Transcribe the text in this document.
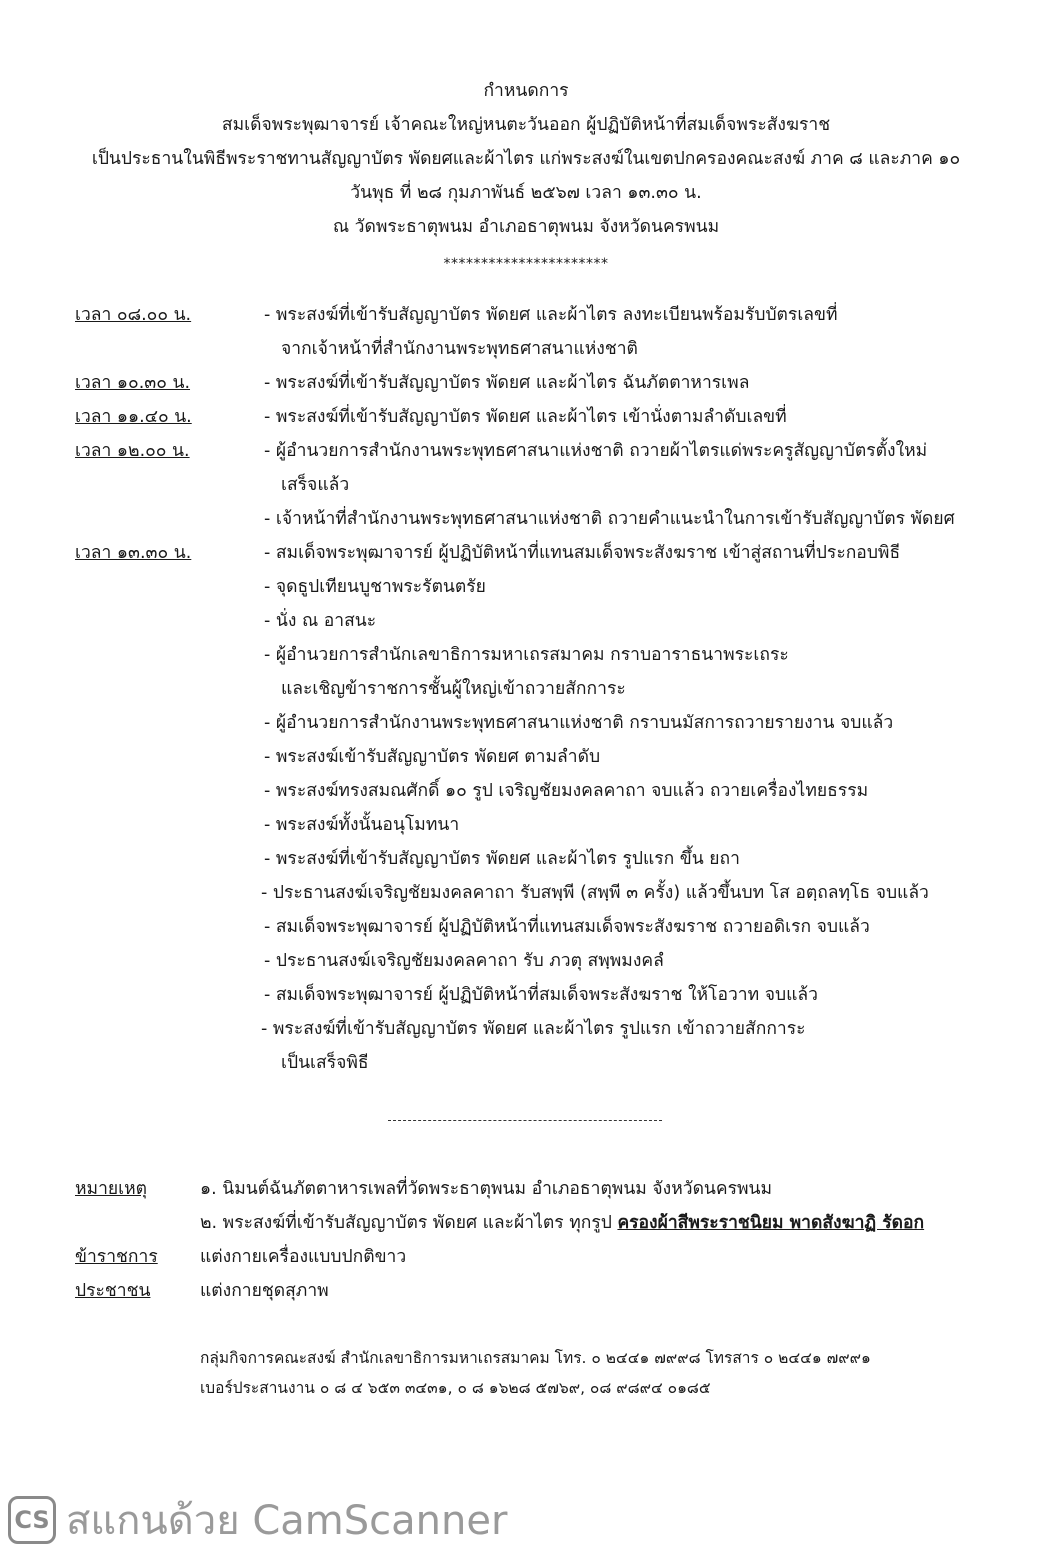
กำหนดการ
สมเด็จพระพุฒาจารย์ เจ้าคณะใหญ่หนตะวันออก ผู้ปฏิบัติหน้าที่สมเด็จพระสังฆราช
เป็นประธานในพิธีพระราชทานสัญญาบัตร พัดยศและผ้าไตร แก่พระสงฆ์ในเขตปกครองคณะสงฆ์ ภาค ๘ และภาค ๑๐
วันพุธ ที่ ๒๘ กุมภาพันธ์ ๒๕๖๗ เวลา ๑๓.๓๐ น.
ณ วัดพระธาตุพนม อำเภอธาตุพนม จังหวัดนครพนม
**********************
เวลา ๐๘.๐๐ น.	- พระสงฆ์ที่เข้ารับสัญญาบัตร พัดยศ และผ้าไตร ลงทะเบียนพร้อมรับบัตรเลขที่
จากเจ้าหน้าที่สำนักงานพระพุทธศาสนาแห่งชาติ
เวลา ๑๐.๓๐ น.	- พระสงฆ์ที่เข้ารับสัญญาบัตร พัดยศ และผ้าไตร ฉันภัตตาหารเพล
เวลา ๑๑.๔๐ น.	- พระสงฆ์ที่เข้ารับสัญญาบัตร พัดยศ และผ้าไตร เข้านั่งตามลำดับเลขที่
เวลา ๑๒.๐๐ น.	- ผู้อำนวยการสำนักงานพระพุทธศาสนาแห่งชาติ ถวายผ้าไตรแด่พระครูสัญญาบัตรตั้งใหม่
เสร็จแล้ว
- เจ้าหน้าที่สำนักงานพระพุทธศาสนาแห่งชาติ ถวายคำแนะนำในการเข้ารับสัญญาบัตร พัดยศ
เวลา ๑๓.๓๐ น.	- สมเด็จพระพุฒาจารย์ ผู้ปฏิบัติหน้าที่แทนสมเด็จพระสังฆราช เข้าสู่สถานที่ประกอบพิธี
- จุดธูปเทียนบูชาพระรัตนตรัย
- นั่ง ณ อาสนะ
- ผู้อำนวยการสำนักเลขาธิการมหาเถรสมาคม กราบอาราธนาพระเถระ
และเชิญข้าราชการชั้นผู้ใหญ่เข้าถวายสักการะ
- ผู้อำนวยการสำนักงานพระพุทธศาสนาแห่งชาติ กราบนมัสการถวายรายงาน จบแล้ว
- พระสงฆ์เข้ารับสัญญาบัตร พัดยศ ตามลำดับ
- พระสงฆ์ทรงสมณศักดิ์ ๑๐ รูป เจริญชัยมงคลคาถา จบแล้ว ถวายเครื่องไทยธรรม
- พระสงฆ์ทั้งนั้นอนุโมทนา
- พระสงฆ์ที่เข้ารับสัญญาบัตร พัดยศ และผ้าไตร รูปแรก ขึ้น ยถา
- ประธานสงฆ์เจริญชัยมงคลคาถา รับสพฺพี (สพฺพี ๓ ครั้ง) แล้วขึ้นบท โส อตฺถลทฺโธ จบแล้ว
- สมเด็จพระพุฒาจารย์ ผู้ปฏิบัติหน้าที่แทนสมเด็จพระสังฆราช ถวายอดิเรก จบแล้ว
- ประธานสงฆ์เจริญชัยมงคลคาถา รับ ภวตุ สพฺพมงคลํ
- สมเด็จพระพุฒาจารย์ ผู้ปฏิบัติหน้าที่สมเด็จพระสังฆราช ให้โอวาท จบแล้ว
- พระสงฆ์ที่เข้ารับสัญญาบัตร พัดยศ และผ้าไตร รูปแรก เข้าถวายสักการะ
เป็นเสร็จพิธี
หมายเหตุ	๑. นิมนต์ฉันภัตตาหารเพลที่วัดพระธาตุพนม อำเภอธาตุพนม จังหวัดนครพนม
๒. พระสงฆ์ที่เข้ารับสัญญาบัตร พัดยศ และผ้าไตร ทุกรูป ครองผ้าสีพระราชนิยม พาดสังฆาฏิ รัดอก
ข้าราชการ แต่งกายเครื่องแบบปกติขาว
ประชาชน	แต่งกายชุดสุภาพ
กลุ่มกิจการคณะสงฆ์ สำนักเลขาธิการมหาเถรสมาคม โทร. ๐ ๒๔๔๑ ๗๙๙๘ โทรสาร ๐ ๒๔๔๑ ๗๙๙๑
เบอร์ประสานงาน ๐ ๘ ๔ ๖๕๓ ๓๔๓๑, ๐ ๘ ๑๖๒๘ ๕๗๖๙, ๐๘ ๙๘๙๔ ๐๑๘๕
CS สแกนด้วย CamScanner
